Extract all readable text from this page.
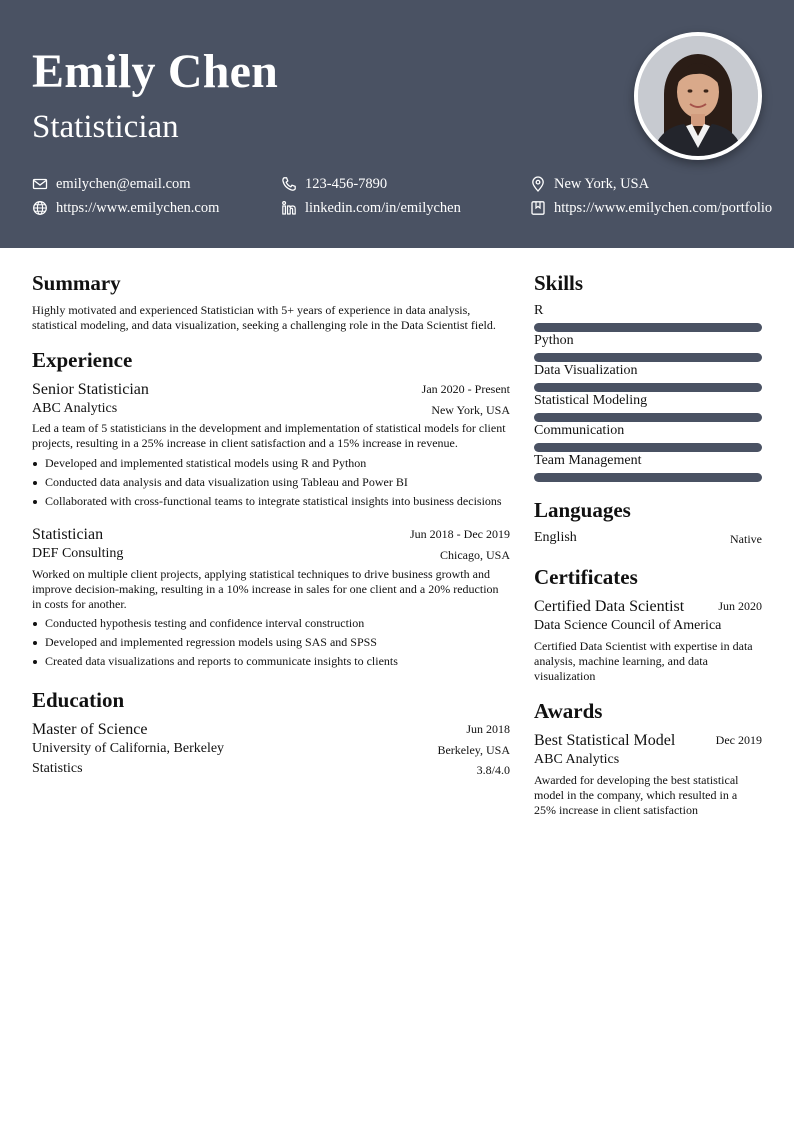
Emily Chen
Statistician
emilychen@email.com	123-456-7890	New York, USA
https://www.emilychen.com	linkedin.com/in/emilychen	https://www.emilychen.com/portfolio
Summary
Highly motivated and experienced Statistician with 5+ years of experience in data analysis, statistical modeling, and data visualization, seeking a challenging role in the Data Scientist field.
Experience
Senior Statistician	Jan 2020 - Present
ABC Analytics	New York, USA
Led a team of 5 statisticians in the development and implementation of statistical models for client projects, resulting in a 25% increase in client satisfaction and a 15% increase in revenue.
Developed and implemented statistical models using R and Python
Conducted data analysis and data visualization using Tableau and Power BI
Collaborated with cross-functional teams to integrate statistical insights into business decisions
Statistician	Jun 2018 - Dec 2019
DEF Consulting	Chicago, USA
Worked on multiple client projects, applying statistical techniques to drive business growth and improve decision-making, resulting in a 10% increase in sales for one client and a 20% reduction in costs for another.
Conducted hypothesis testing and confidence interval construction
Developed and implemented regression models using SAS and SPSS
Created data visualizations and reports to communicate insights to clients
Education
Master of Science	Jun 2018
University of California, Berkeley	Berkeley, USA
Statistics	3.8/4.0
Skills
R
Python
Data Visualization
Statistical Modeling
Communication
Team Management
Languages
English	Native
Certificates
Certified Data Scientist	Jun 2020
Data Science Council of America
Certified Data Scientist with expertise in data analysis, machine learning, and data visualization
Awards
Best Statistical Model	Dec 2019
ABC Analytics
Awarded for developing the best statistical model in the company, which resulted in a 25% increase in client satisfaction
